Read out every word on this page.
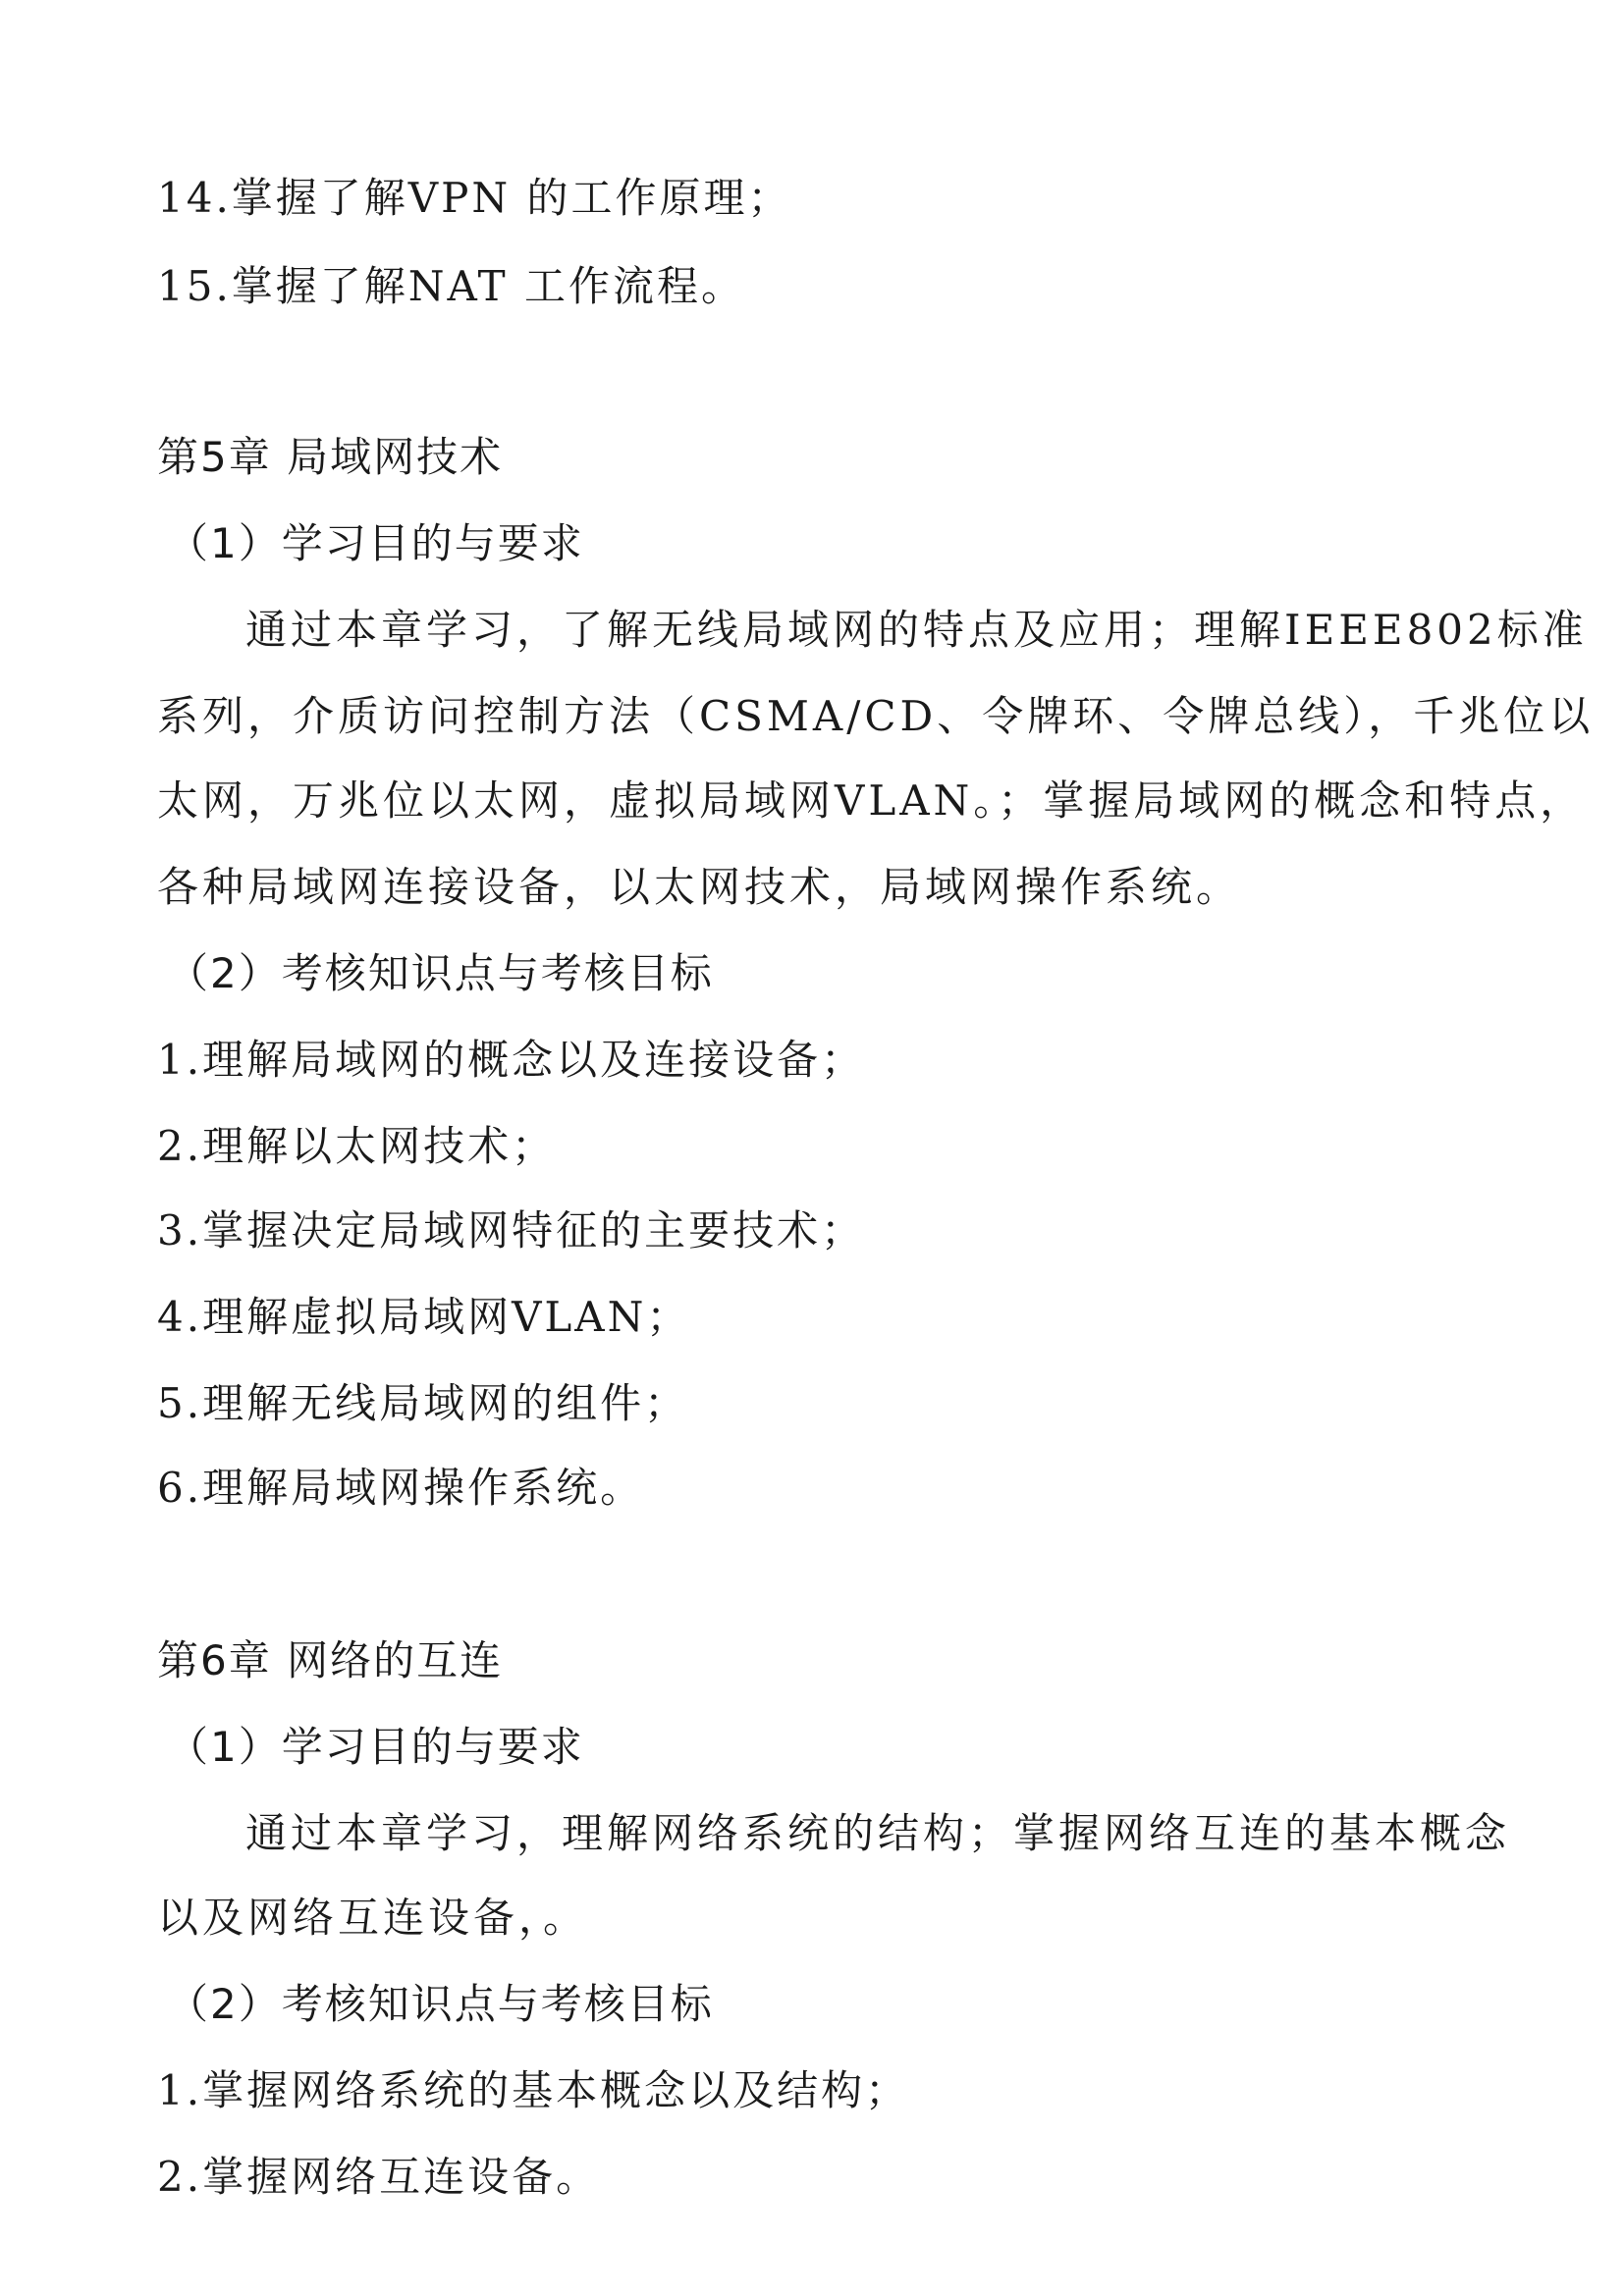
14.掌握了解VPN 的工作原理；
15.掌握了解NAT 工作流程。
第5章 局域网技术
（1）学习目的与要求
通过本章学习，了解无线局域网的特点及应用；理解IEEE802标准
系列，介质访问控制方法（CSMA/CD、令牌环、令牌总线），千兆位以
太网，万兆位以太网，虚拟局域网VLAN。；掌握局域网的概念和特点，
各种局域网连接设备，以太网技术，局域网操作系统。
（2）考核知识点与考核目标
1.理解局域网的概念以及连接设备；
2.理解以太网技术；
3.掌握决定局域网特征的主要技术；
4.理解虚拟局域网VLAN；
5.理解无线局域网的组件；
6.理解局域网操作系统。
第6章 网络的互连
（1）学习目的与要求
通过本章学习，理解网络系统的结构；掌握网络互连的基本概念
以及网络互连设备，。
（2）考核知识点与考核目标
1.掌握网络系统的基本概念以及结构；
2.掌握网络互连设备。
